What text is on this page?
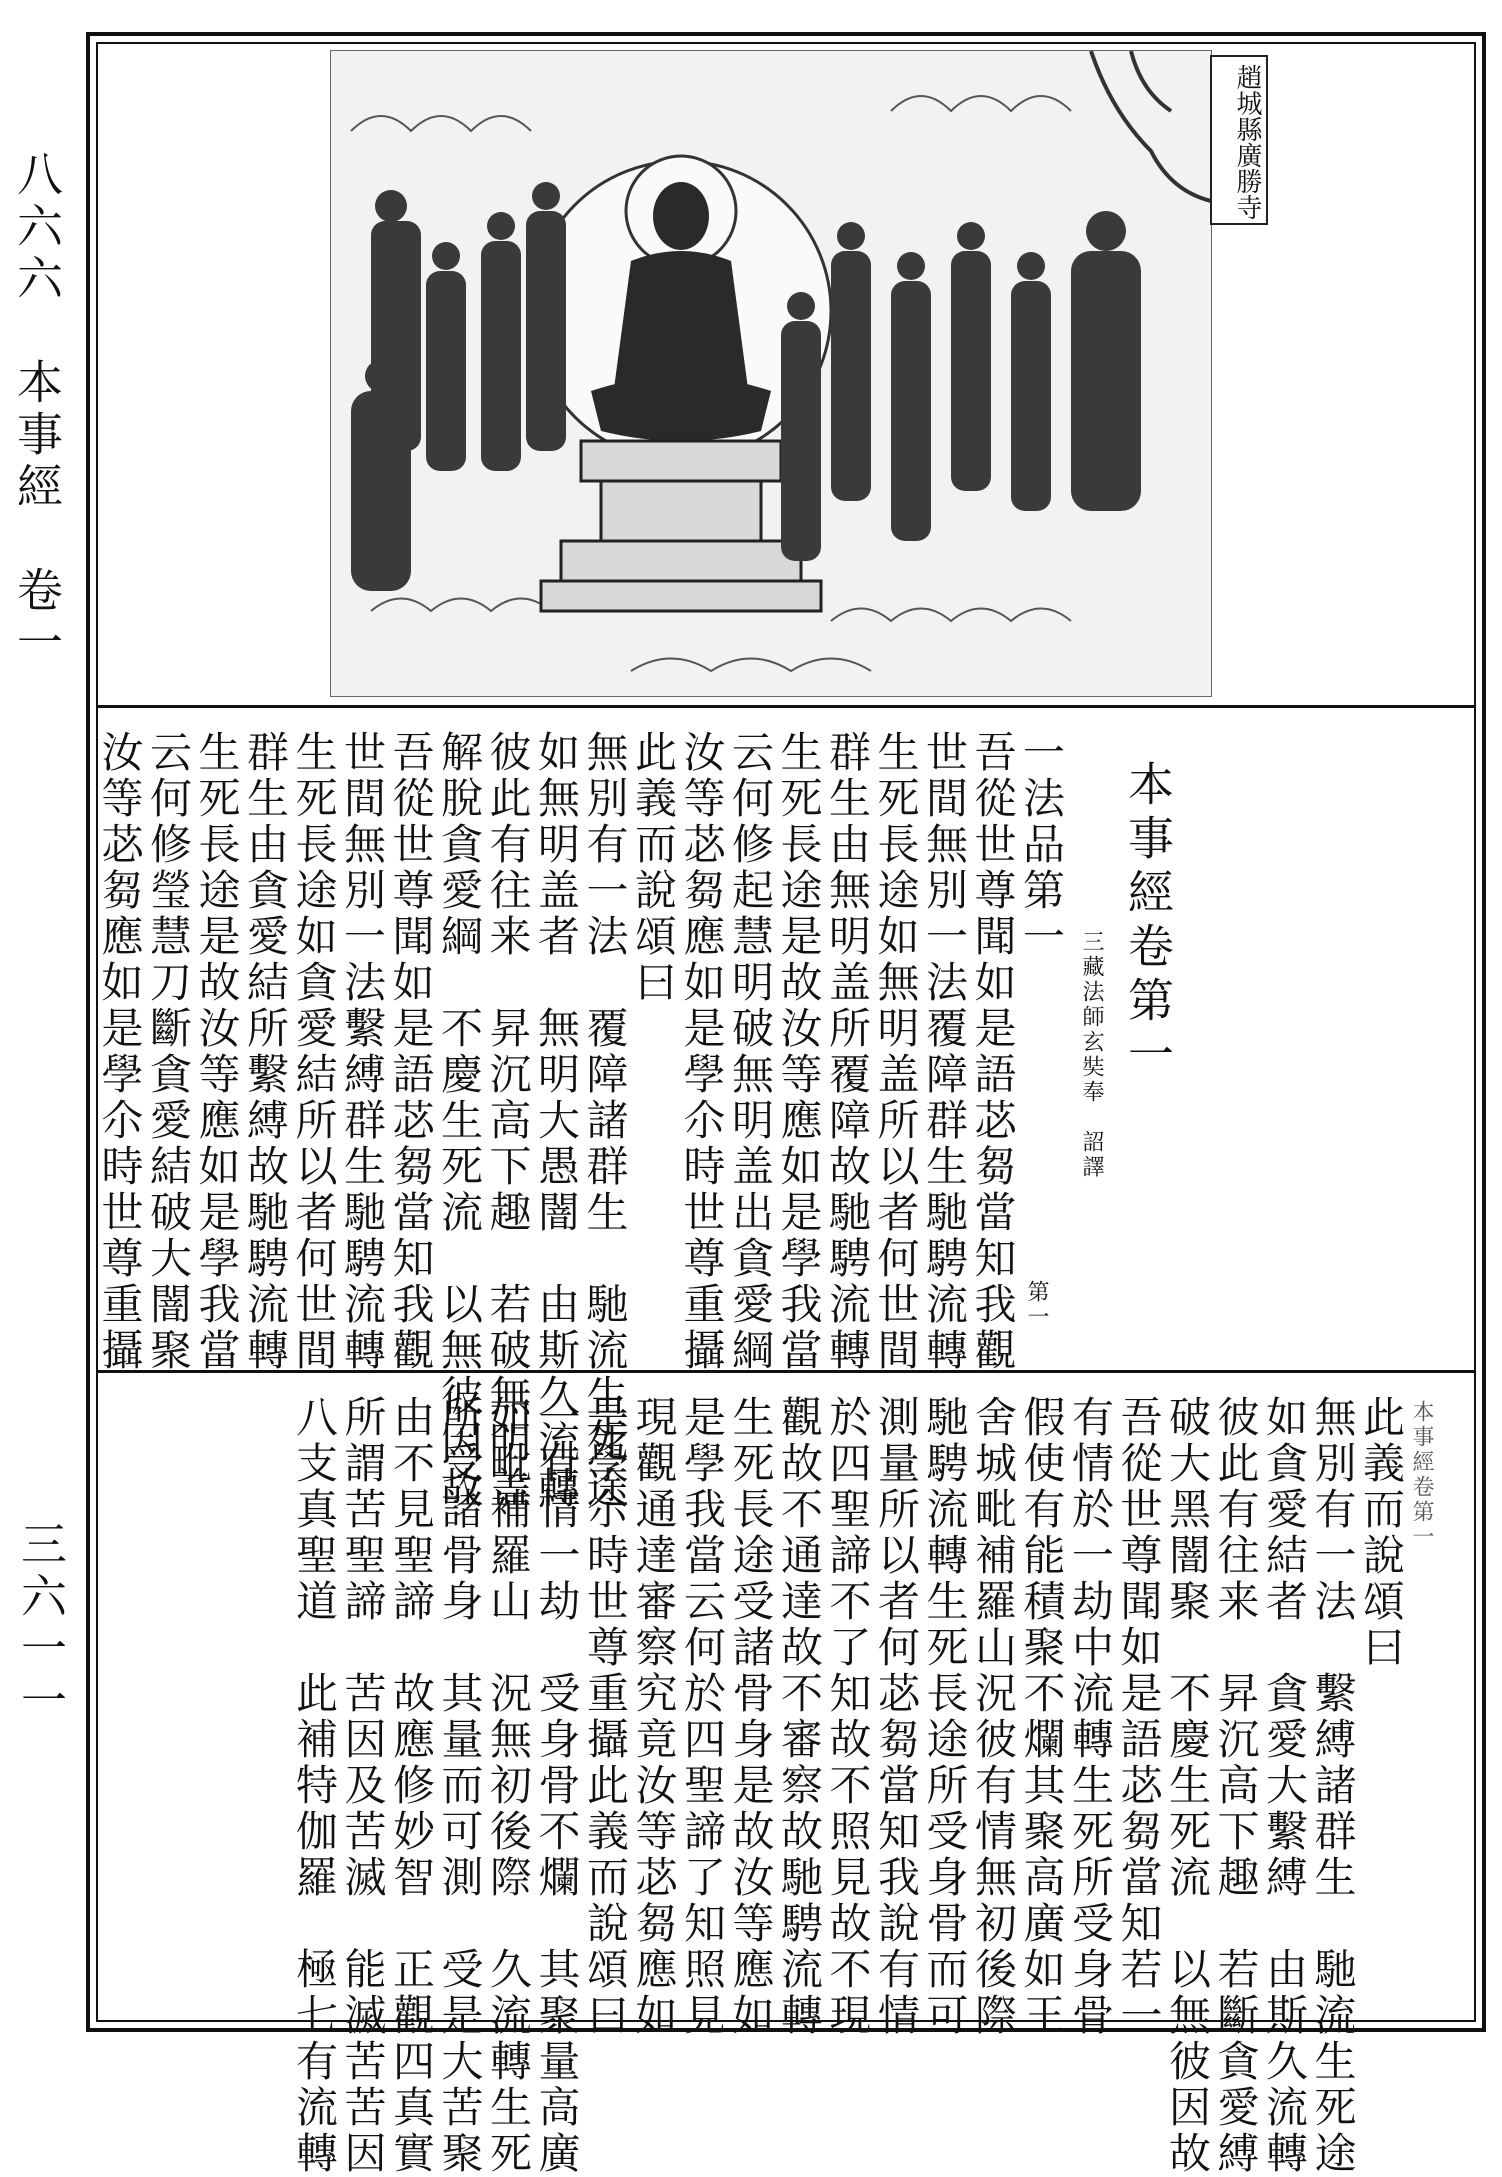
八六六　本事經　卷一
三六一一
趙城縣廣勝寺
本事經卷第一
三藏法師玄奘奉　詔譯
第一
一法品第一
吾從世尊聞如是語苾芻當知我觀
世間無別一法覆障群生馳騁流轉
生死長途如無明盖所以者何世間
群生由無明盖所覆障故馳騁流轉
生死長途是故汝等應如是學我當
云何修起慧明破無明盖出貪愛綱
汝等苾芻應如是學尒時世尊重攝
此義而說頌曰
無別有一法　覆障諸群生　馳流生死途
如無明盖者　無明大愚闇　由斯久流轉
彼此有往来　昇沉高下趣　若破無明盖
解脫貪愛綱　不慶生死流　以無彼因故
吾從世尊聞如是語苾芻當知我觀
世間無別一法繫縛群生馳騁流轉
生死長途如貪愛結所以者何世間
群生由貪愛結所繫縛故馳騁流轉
生死長途是故汝等應如是學我當
云何修瑩慧刀斷貪愛結破大闇聚
汝等苾芻應如是學尒時世尊重攝
本事經卷第一
此義而說頌曰
無別有一法　繫縛諸群生　馳流生死途
如貪愛結者　貪愛大繫縛　由斯久流轉
彼此有往来　昇沉高下趣　若斷貪愛縛
破大黑闇聚　不慶生死流　以無彼因故
吾從世尊聞如是語苾芻當知若一
有情於一劫中流轉生死所受身骨
假使有能積聚不爛其聚高廣如王
舍城毗補羅山況彼有情無初後際
馳騁流轉生死長途所受身骨而可
測量所以者何苾芻當知我說有情
於四聖諦不了知故不照見故不現
觀故不通達故不審察故馳騁流轉
生死長途受諸骨身是故汝等應如
是學我當云何於四聖諦了知照見
現觀通達審察究竟汝等苾芻應如
是學尒時世尊重攝此義而說頌曰
一有情一劫　受身骨不爛　其聚量高廣
如毗補羅山　況無初後際　久流轉生死
所受諸骨身　其量而可測　受是大苦聚
由不見聖諦　故應修妙智　正觀四真實
所謂苦聖諦　苦因及苦滅　能滅苦苦因
八支真聖道　此補特伽羅　極七有流轉
